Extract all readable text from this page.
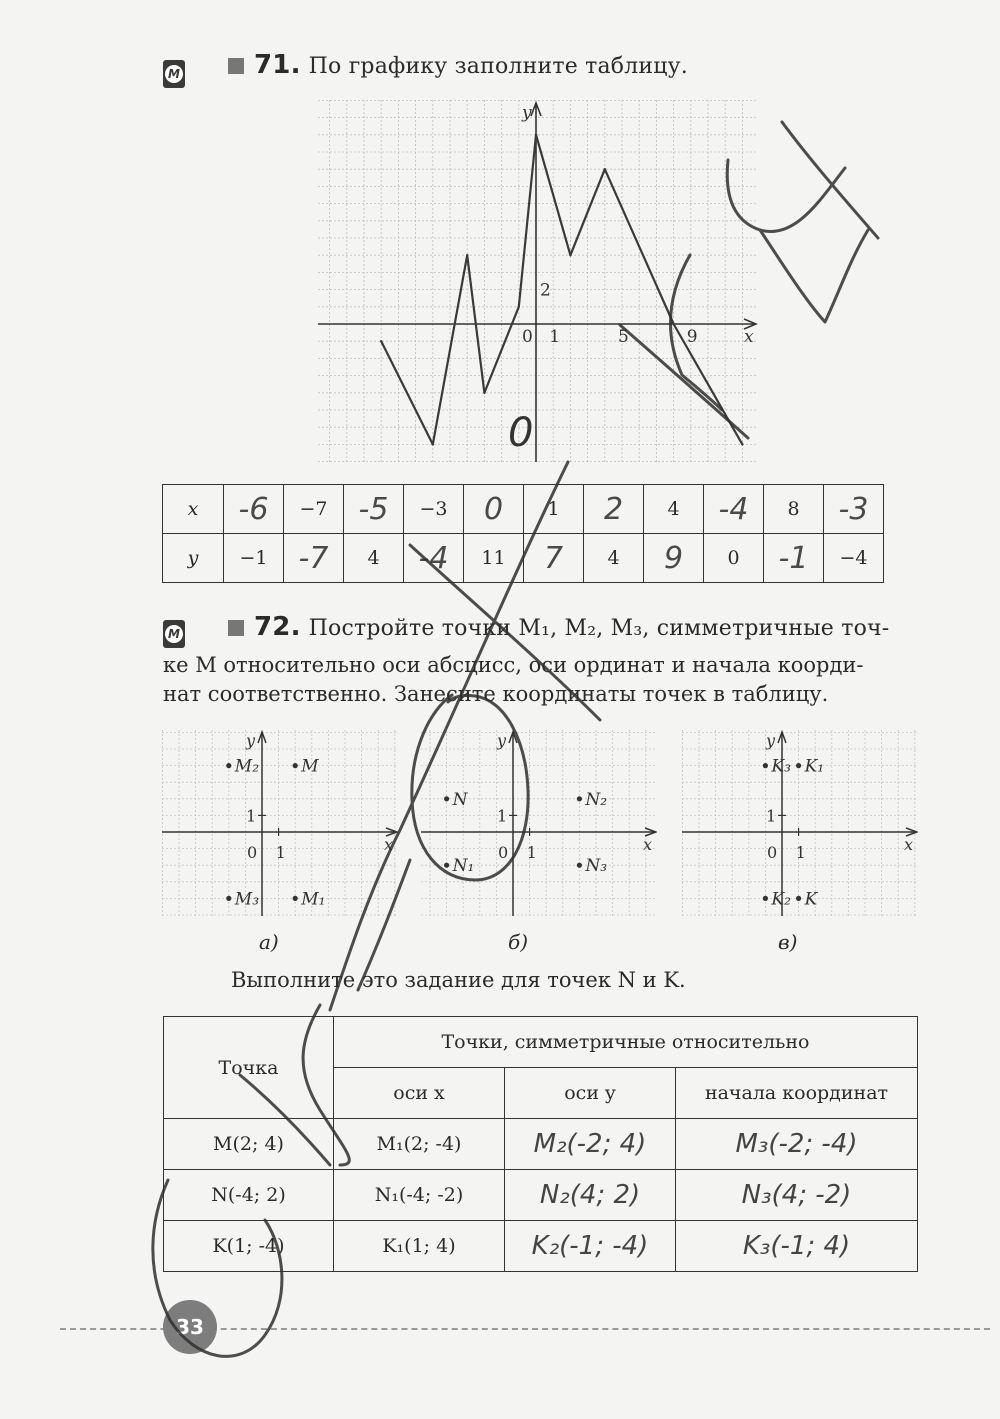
М	71. По графику заполните таблицу.
y
x
0 1	5	9
2
0
x	-6	−7	-5	−3	0	1	2	4	-4	8	-3
y	−1	-7	4	-4	11	7	4	9	0	-1	−4
М	72. Постройте точки M₁, M₂, M₃, симметричные точ-
ке M относительно оси абсцисс, оси ординат и начала коорди-
нат соответственно. Занесите координаты точек в таблицу.
y
x
0 1
1
M
M₁
M₂
M₃
y
x
0 1
1
N
N₁
N₂
N₃
y
x
0 1
1
K₁
K
K₃
K₂
а)	б)	в)
Выполните это задание для точек N и K.
Точка	Точки, симметричные относительно		
	оси x	оси y	начала координат
M(2; 4)	M₁(2; -4)	M₂(-2; 4)	M₃(-2; -4)
N(-4; 2)	N₁(-4; -2)	N₂(4; 2)	N₃(4; -2)
K(1; -4)	K₁(1; 4)	K₂(-1; -4)	K₃(-1; 4)
33
